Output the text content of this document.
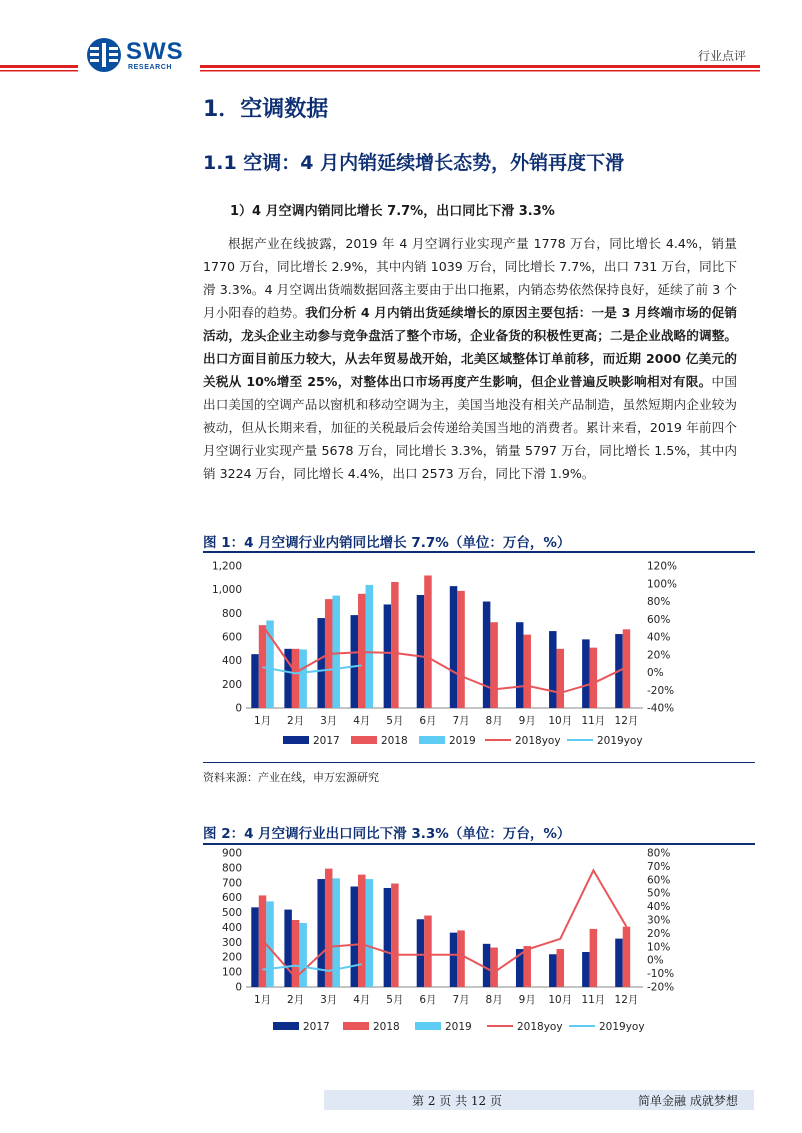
SWS
RESEARCH
行业点评
1．空调数据
1.1 空调：4 月内销延续增长态势，外销再度下滑
1）4 月空调内销同比增长 7.7%，出口同比下滑 3.3%
根据产业在线披露，2019 年 4 月空调行业实现产量 1778 万台，同比增长 4.4%，销量 1770 万台，同比增长 2.9%，其中内销 1039 万台，同比增长 7.7%，出口 731 万台，同比下滑 3.3%。4 月空调出货端数据回落主要由于出口拖累，内销态势依然保持良好，延续了前 3 个月小阳春的趋势。我们分析 4 月内销出货延续增长的原因主要包括：一是 3 月终端市场的促销活动，龙头企业主动参与竞争盘活了整个市场，企业备货的积极性更高；二是企业战略的调整。出口方面目前压力较大，从去年贸易战开始，北美区域整体订单前移，而近期 2000 亿美元的关税从 10%增至 25%，对整体出口市场再度产生影响，但企业普遍反映影响相对有限。中国出口美国的空调产品以窗机和移动空调为主，美国当地没有相关产品制造，虽然短期内企业较为被动，但从长期来看，加征的关税最后会传递给美国当地的消费者。累计来看，2019 年前四个月空调行业实现产量 5678 万台，同比增长 3.3%，销量 5797 万台，同比增长 1.5%，其中内销 3224 万台，同比增长 4.4%，出口 2573 万台，同比下滑 1.9%。
图 1：4 月空调行业内销同比增长 7.7%（单位：万台，%）
0
200
400
600
800
1,000
1,200
-40%
-20%
0%
20%
40%
60%
80%
100%
120%
1月 2月 3月 4月 5月 6月 7月 8月 9月 10月 11月 12月
2017	2018	2019	2018yoy	2019yoy
资料来源：产业在线，申万宏源研究
图 2：4 月空调行业出口同比下滑 3.3%（单位：万台，%）
0
100
200
300
400
500
600
700
800
900
-20%
-10%
0%
10%
20%
30%
40%
50%
60%
70%
80%
1月 2月 3月 4月 5月 6月 7月 8月 9月 10月 11月 12月
2017	2018	2019	2018yoy	2019yoy
第 2 页 共 12 页	简单金融 成就梦想
